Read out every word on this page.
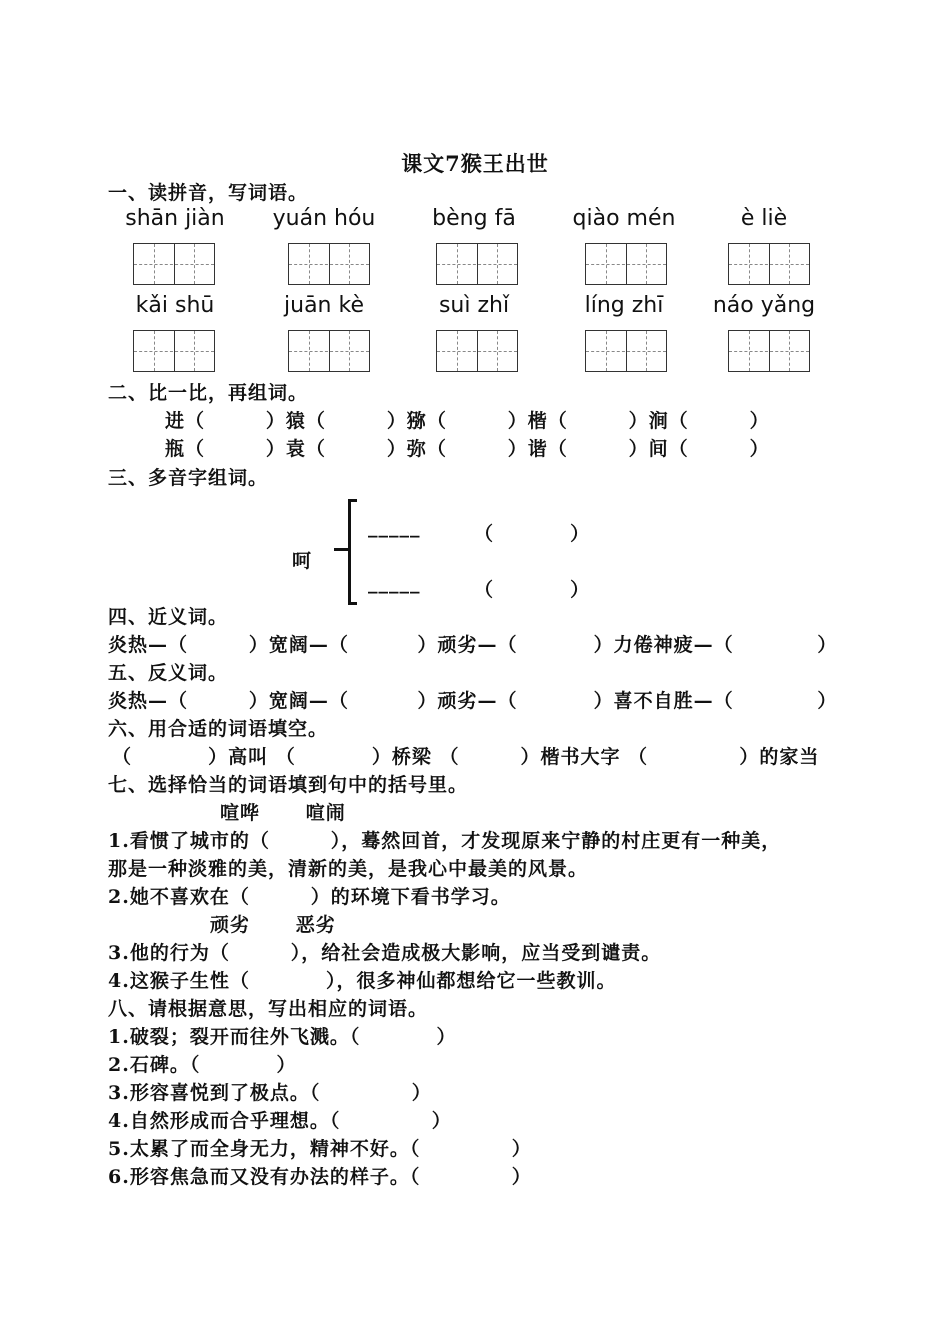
课文7猴王出世
一、读拼音，写词语。
shān jiàn	yuán hóu	bèng fā	qiào mén	è liè
kǎi shū	juān kè	suì zhǐ	líng zhī	náo yǎng
二、比一比，再组词。
进（        ）猿（        ）猕（        ）楷（        ）涧（        ）
瓶（        ）袁（        ）弥（        ）谐（        ）间（        ）
三、多音字组词。
呵
_____	（          ）
_____	（          ）
四、近义词。
炎热—（        ）宽阔—（         ）顽劣—（          ）力倦神疲—（           ）
五、反义词。
炎热—（        ）宽阔—（         ）顽劣—（          ）喜不自胜—（           ）
六、用合适的词语填空。
（          ）高叫 （          ）桥梁 （        ）楷书大字 （            ）的家当
七、选择恰当的词语填到句中的括号里。
喧哗      喧闹
1.看惯了城市的（        ），蓦然回首，才发现原来宁静的村庄更有一种美，
那是一种淡雅的美，清新的美，是我心中最美的风景。
2.她不喜欢在（        ）的环境下看书学习。
顽劣      恶劣
3.他的行为（        ），给社会造成极大影响，应当受到谴责。
4.这猴子生性（          ），很多神仙都想给它一些教训。
八、请根据意思，写出相应的词语。
1.破裂；裂开而往外飞溅。（          ）
2.石碑。（          ）
3.形容喜悦到了极点。（            ）
4.自然形成而合乎理想。（            ）
5.太累了而全身无力，精神不好。（            ）
6.形容焦急而又没有办法的样子。（            ）
